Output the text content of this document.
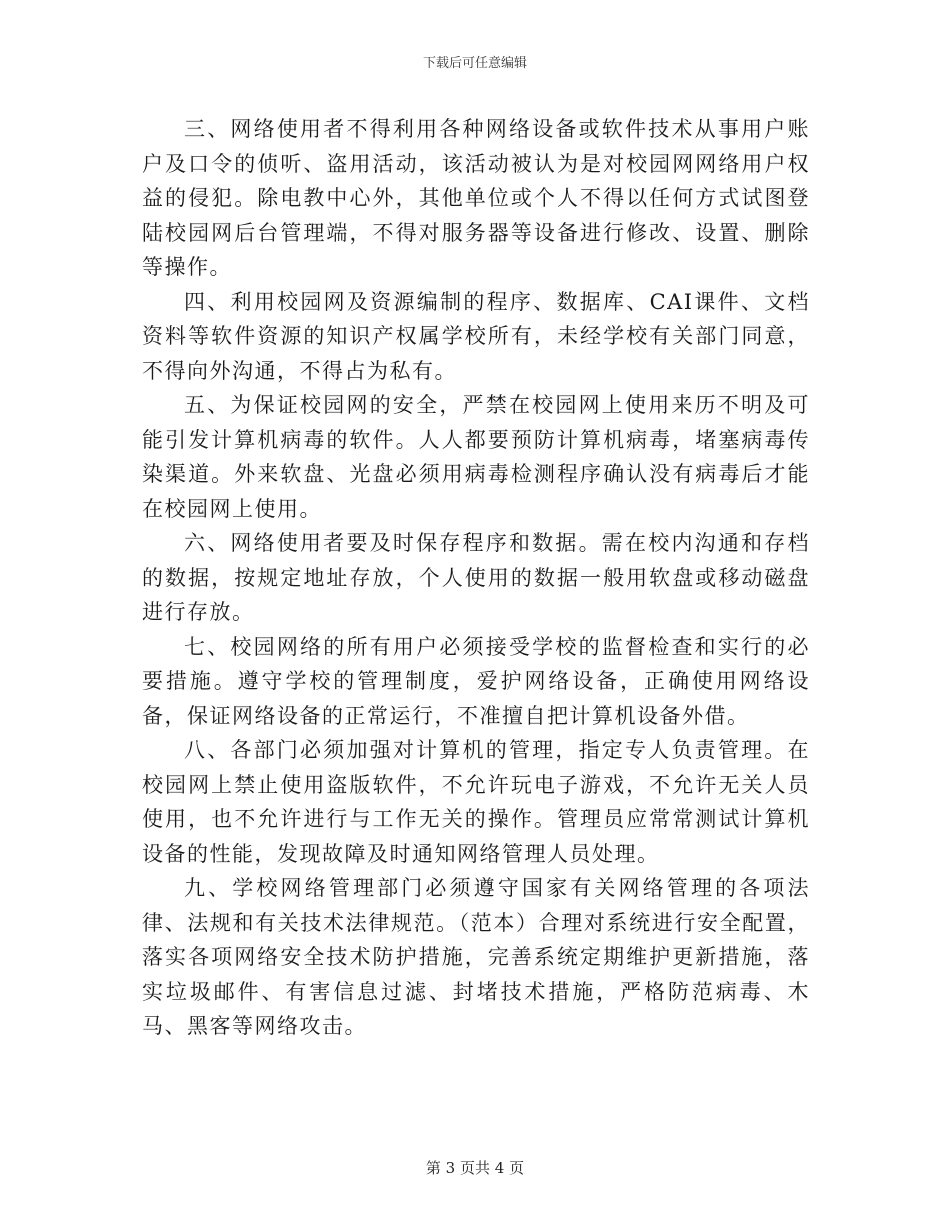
下载后可任意编辑

三、网络使用者不得利用各种网络设备或软件技术从事用户账户及口令的侦听、盗用活动，该活动被认为是对校园网网络用户权益的侵犯。除电教中心外，其他单位或个人不得以任何方式试图登陆校园网后台管理端，不得对服务器等设备进行修改、设置、删除等操作。

四、利用校园网及资源编制的程序、数据库、CAI课件、文档资料等软件资源的知识产权属学校所有，未经学校有关部门同意，不得向外沟通，不得占为私有。

五、为保证校园网的安全，严禁在校园网上使用来历不明及可能引发计算机病毒的软件。人人都要预防计算机病毒，堵塞病毒传染渠道。外来软盘、光盘必须用病毒检测程序确认没有病毒后才能在校园网上使用。

六、网络使用者要及时保存程序和数据。需在校内沟通和存档的数据，按规定地址存放，个人使用的数据一般用软盘或移动磁盘进行存放。

七、校园网络的所有用户必须接受学校的监督检查和实行的必要措施。遵守学校的管理制度，爱护网络设备，正确使用网络设备，保证网络设备的正常运行，不准擅自把计算机设备外借。

八、各部门必须加强对计算机的管理，指定专人负责管理。在校园网上禁止使用盗版软件，不允许玩电子游戏，不允许无关人员使用，也不允许进行与工作无关的操作。管理员应常常测试计算机设备的性能，发现故障及时通知网络管理人员处理。

九、学校网络管理部门必须遵守国家有关网络管理的各项法律、法规和有关技术法律规范。（范本）合理对系统进行安全配置，落实各项网络安全技术防护措施，完善系统定期维护更新措施，落实垃圾邮件、有害信息过滤、封堵技术措施，严格防范病毒、木马、黑客等网络攻击。

第 3 页共 4 页
